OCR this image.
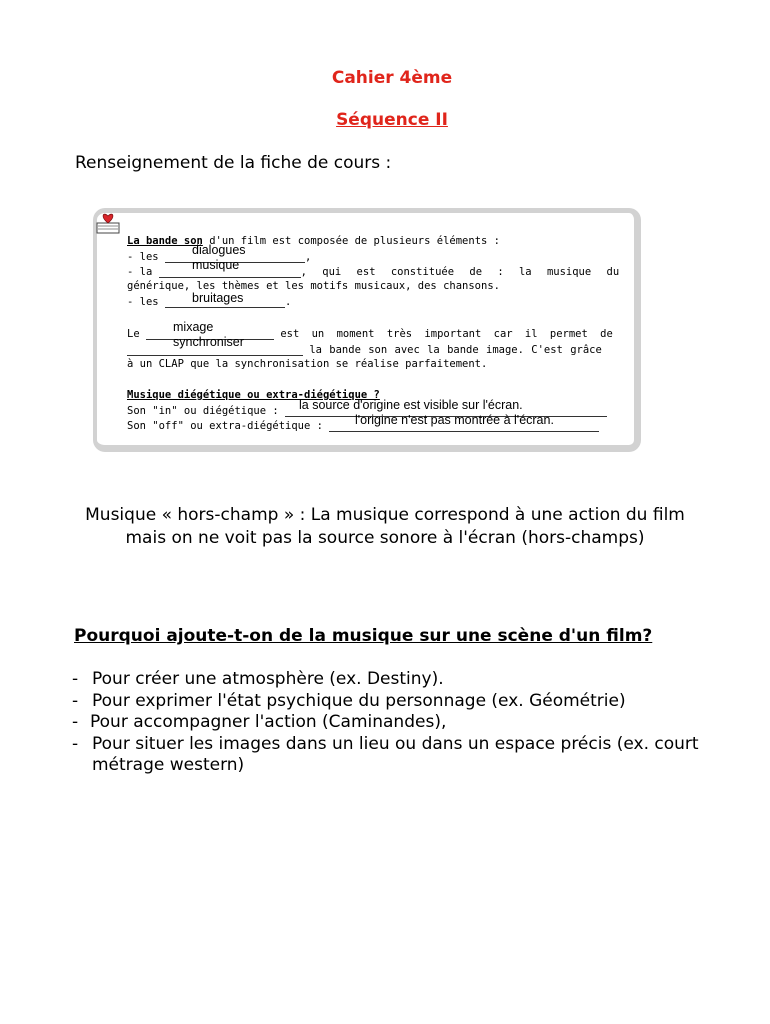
Cahier 4ème
Séquence II
Renseignement de la fiche de cours :
La bande son d'un film est composée de plusieurs éléments :
- les	,
dialogues
- la	, qui est constituée de : la musique du
musique
générique, les thèmes et les motifs musicaux, des chansons.
- les	.
bruitages
Le	est un moment très important car il permet de
mixage
la bande son avec la bande image. C'est grâce
synchroniser
à un CLAP que la synchronisation se réalise parfaitement.
Musique diégétique ou extra-diégétique ?
Son "in" ou diégétique :	la source d'origine est visible sur l'écran.
Son "off" ou extra-diégétique :	l'origine n'est pas montrée à l'écran.
Musique « hors-champ » : La musique correspond à une action du film mais on ne voit pas la source sonore à l'écran (hors-champs)
Pourquoi ajoute-t-on de la musique sur une scène d'un film?
- Pour créer une atmosphère (ex. Destiny).
- Pour exprimer l'état psychique du personnage (ex. Géométrie)
- Pour accompagner l'action (Caminandes),
- Pour situer les images dans un lieu ou dans un espace précis (ex. court métrage western)
